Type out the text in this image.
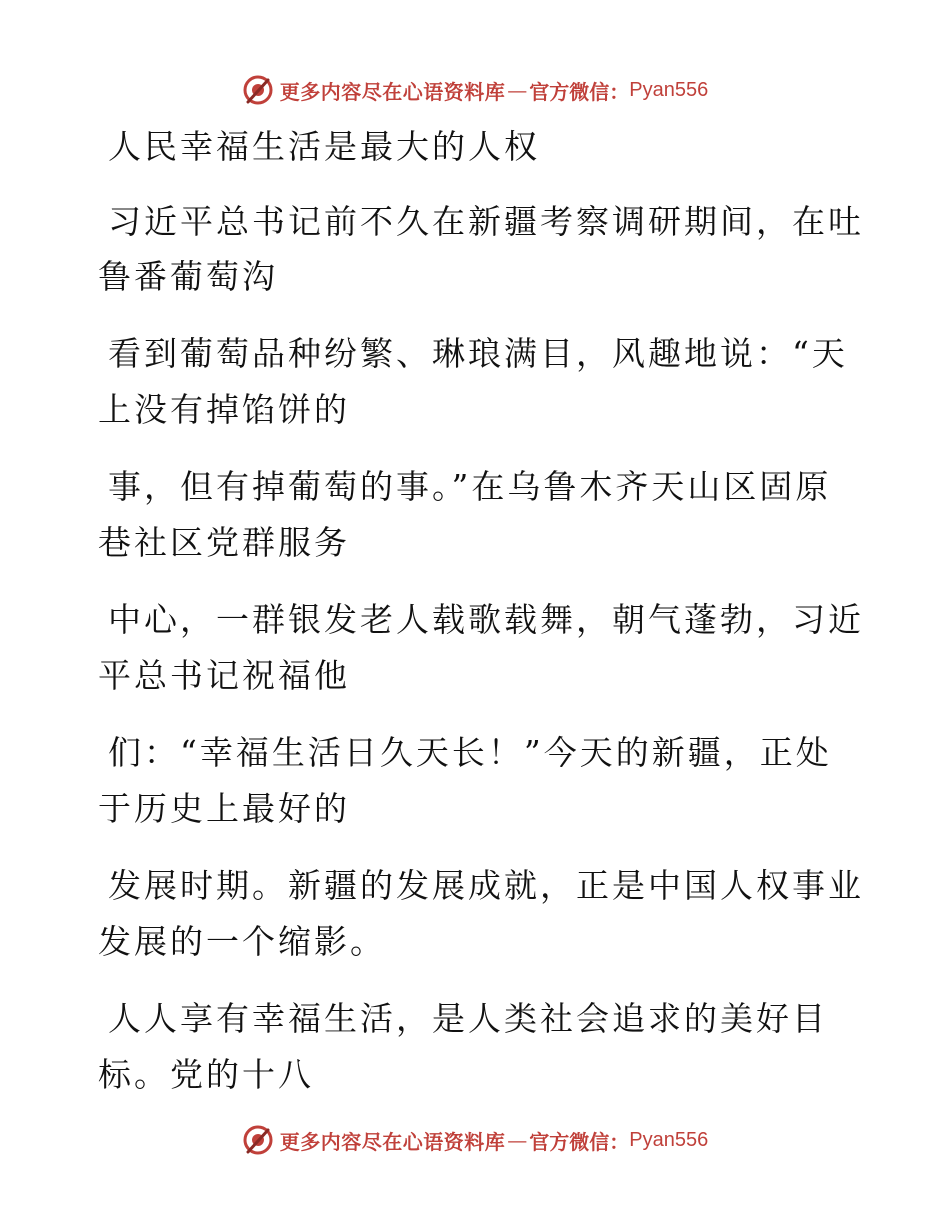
更多内容尽在心语资料库 — 官方微信： Pyan556
人民幸福生活是最大的人权
习近平总书记前不久在新疆考察调研期间，在吐
鲁番葡萄沟
看到葡萄品种纷繁、琳琅满目，风趣地说：“天
上没有掉馅饼的
事，但有掉葡萄的事。”在乌鲁木齐天山区固原
巷社区党群服务
中心，一群银发老人载歌载舞，朝气蓬勃，习近
平总书记祝福他
们：“幸福生活日久天长！”今天的新疆，正处
于历史上最好的
发展时期。新疆的发展成就，正是中国人权事业
发展的一个缩影。
人人享有幸福生活，是人类社会追求的美好目
标。党的十八
更多内容尽在心语资料库 — 官方微信： Pyan556
